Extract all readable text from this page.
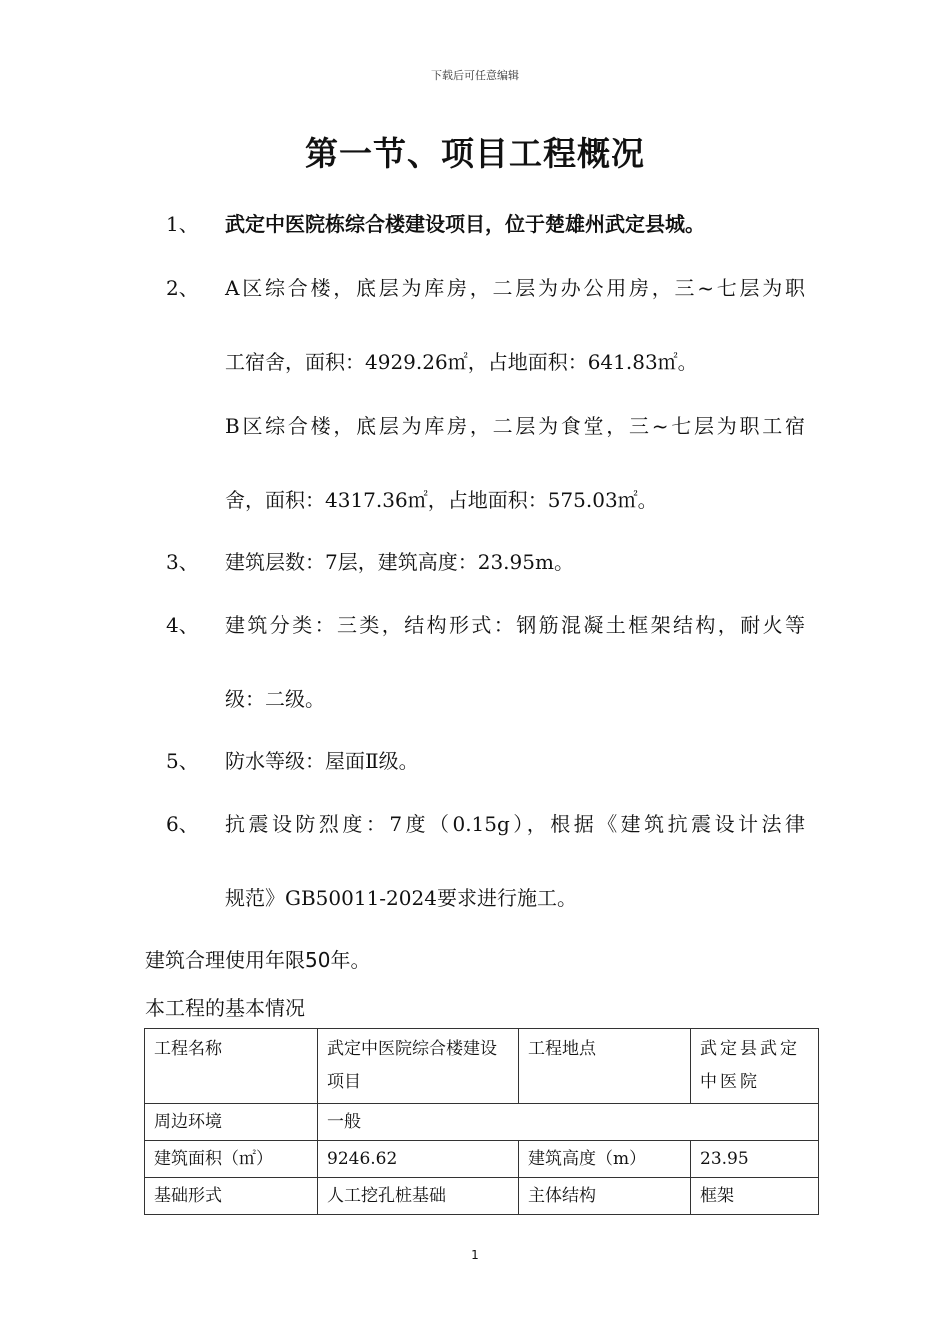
下载后可任意编辑
第一节、项目工程概况
1、 武定中医院栋综合楼建设项目，位于楚雄州武定县城。
2、 A区综合楼，底层为库房，二层为办公用房，三~七层为职
工宿舍，面积：4929.26㎡，占地面积：641.83㎡。
B区综合楼，底层为库房，二层为食堂，三~七层为职工宿
舍，面积：4317.36㎡，占地面积：575.03㎡。
3、 建筑层数：7层，建筑高度：23.95m。
4、 建筑分类：三类，结构形式：钢筋混凝土框架结构，耐火等
级：二级。
5、 防水等级：屋面Ⅱ级。
6、 抗震设防烈度：7度（0.15g），根据《建筑抗震设计法律
规范》GB50011-2024要求进行施工。
建筑合理使用年限50年。
本工程的基本情况
工程名称	武定中医院综合楼建设项目	工程地点	武定县武定中医院
周边环境	一般		
建筑面积（㎡）	9246.62	建筑高度（m）	23.95
基础形式	人工挖孔桩基础	主体结构	框架
1
